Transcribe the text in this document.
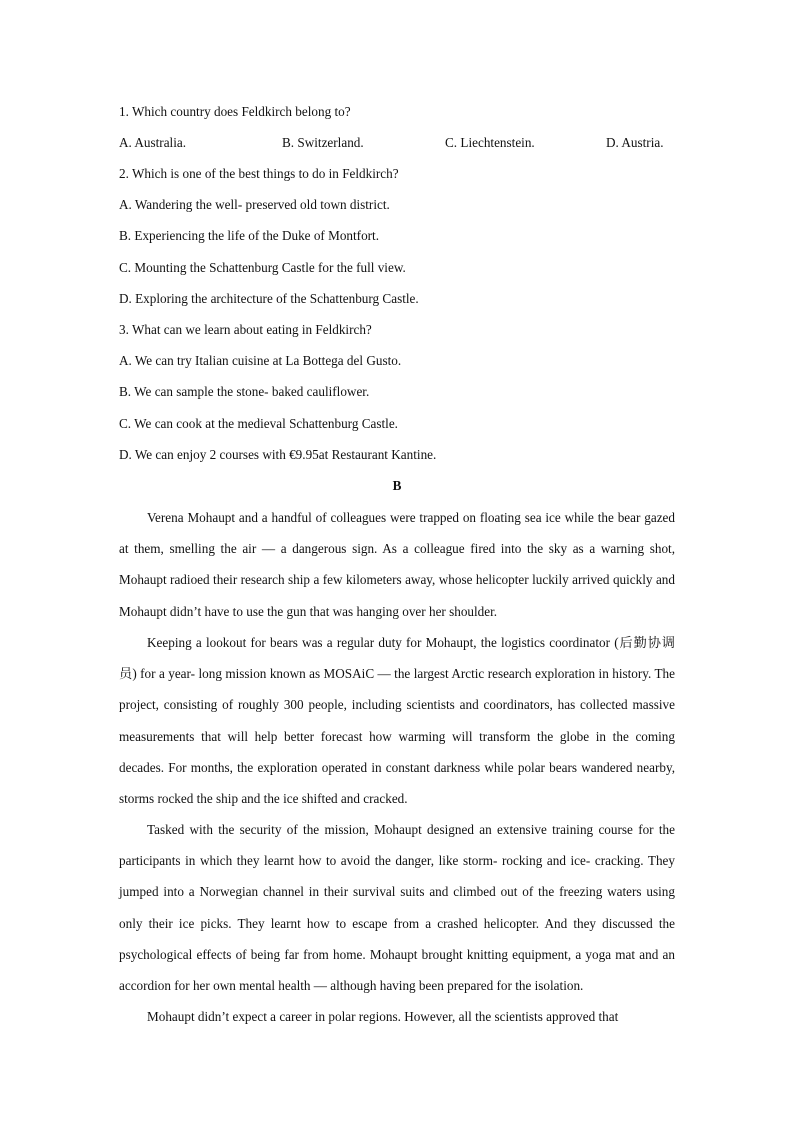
1. Which country does Feldkirch belong to?
A. Australia.	B. Switzerland.	C. Liechtenstein.	D. Austria.
2. Which is one of the best things to do in Feldkirch?
A. Wandering the well- preserved old town district.
B. Experiencing the life of the Duke of Montfort.
C. Mounting the Schattenburg Castle for the full view.
D. Exploring the architecture of the Schattenburg Castle.
3. What can we learn about eating in Feldkirch?
A. We can try Italian cuisine at La Bottega del Gusto.
B. We can sample the stone- baked cauliflower.
C. We can cook at the medieval Schattenburg Castle.
D. We can enjoy 2 courses with €9.95at Restaurant Kantine.
B
Verena Mohaupt and a handful of colleagues were trapped on floating sea ice while the bear gazed at them, smelling the air — a dangerous sign. As a colleague fired into the sky as a warning shot, Mohaupt radioed their research ship a few kilometers away, whose helicopter luckily arrived quickly and Mohaupt didn’t have to use the gun that was hanging over her shoulder.
Keeping a lookout for bears was a regular duty for Mohaupt, the logistics coordinator (后勤协调员) for a year- long mission known as MOSAiC — the largest Arctic research exploration in history. The project, consisting of roughly 300 people, including scientists and coordinators, has collected massive measurements that will help better forecast how warming will transform the globe in the coming decades. For months, the exploration operated in constant darkness while polar bears wandered nearby, storms rocked the ship and the ice shifted and cracked.
Tasked with the security of the mission, Mohaupt designed an extensive training course for the participants in which they learnt how to avoid the danger, like storm- rocking and ice- cracking. They jumped into a Norwegian channel in their survival suits and climbed out of the freezing waters using only their ice picks. They learnt how to escape from a crashed helicopter. And they discussed the psychological effects of being far from home. Mohaupt brought knitting equipment, a yoga mat and an accordion for her own mental health — although having been prepared for the isolation.
Mohaupt didn’t expect a career in polar regions. However, all the scientists approved that
